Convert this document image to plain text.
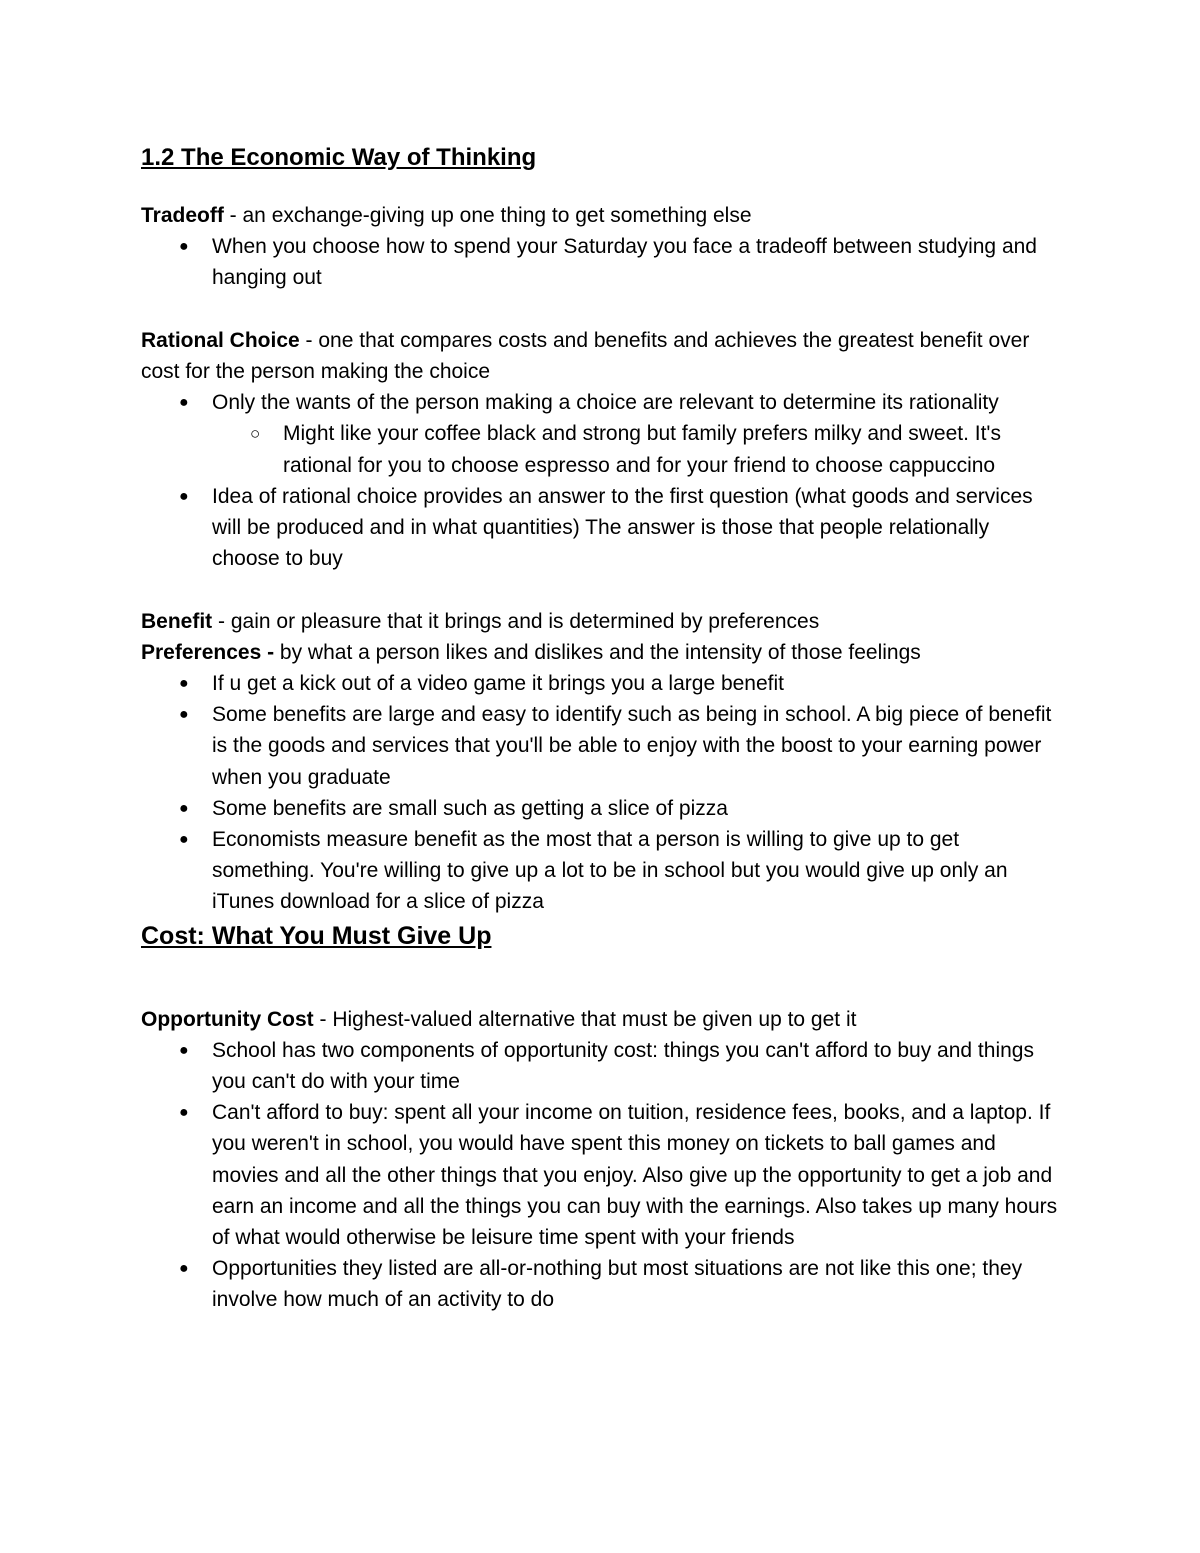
1.2 The Economic Way of Thinking

Tradeoff - an exchange-giving up one thing to get something else

● When you choose how to spend your Saturday you face a tradeoff between studying and hanging out

Rational Choice - one that compares costs and benefits and achieves the greatest benefit over cost for the person making the choice

● Only the wants of the person making a choice are relevant to determine its rationality
○ Might like your coffee black and strong but family prefers milky and sweet. It's rational for you to choose espresso and for your friend to choose cappuccino
● Idea of rational choice provides an answer to the first question (what goods and services will be produced and in what quantities) The answer is those that people relationally choose to buy

Benefit - gain or pleasure that it brings and is determined by preferences

Preferences - by what a person likes and dislikes and the intensity of those feelings

● If u get a kick out of a video game it brings you a large benefit
● Some benefits are large and easy to identify such as being in school. A big piece of benefit is the goods and services that you'll be able to enjoy with the boost to your earning power when you graduate
● Some benefits are small such as getting a slice of pizza
● Economists measure benefit as the most that a person is willing to give up to get something. You're willing to give up a lot to be in school but you would give up only an iTunes download for a slice of pizza

Cost: What You Must Give Up

Opportunity Cost - Highest-valued alternative that must be given up to get it

● School has two components of opportunity cost: things you can't afford to buy and things you can't do with your time
● Can't afford to buy: spent all your income on tuition, residence fees, books, and a laptop. If you weren't in school, you would have spent this money on tickets to ball games and movies and all the other things that you enjoy. Also give up the opportunity to get a job and earn an income and all the things you can buy with the earnings. Also takes up many hours of what would otherwise be leisure time spent with your friends
● Opportunities they listed are all-or-nothing but most situations are not like this one; they involve how much of an activity to do
